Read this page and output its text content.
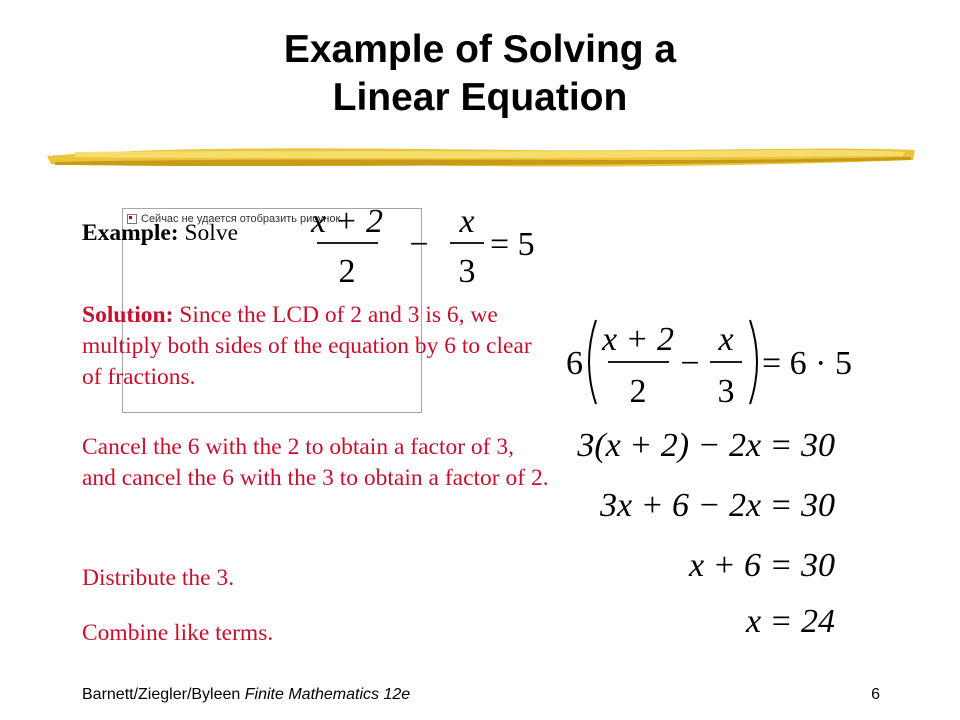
Example of Solving a
Linear Equation
Сейчас не удается отобразить рисунок.
Example: Solve	x + 2
2
−
x
3
= 5
Solution: Since the LCD of 2 and 3 is 6, we multiply both sides of the equation by 6 to clear of fractions.	6
x + 2
2
−
x
3
= 6 · 5
3(x + 2) − 2x = 30
3x + 6 − 2x = 30
x + 6 = 30
x = 24
Cancel the 6 with the 2 to obtain a factor of 3, and cancel the 6 with the 3 to obtain a factor of 2.
Distribute the 3.
Combine like terms.
Barnett/Ziegler/Byleen Finite Mathematics 12e	6
